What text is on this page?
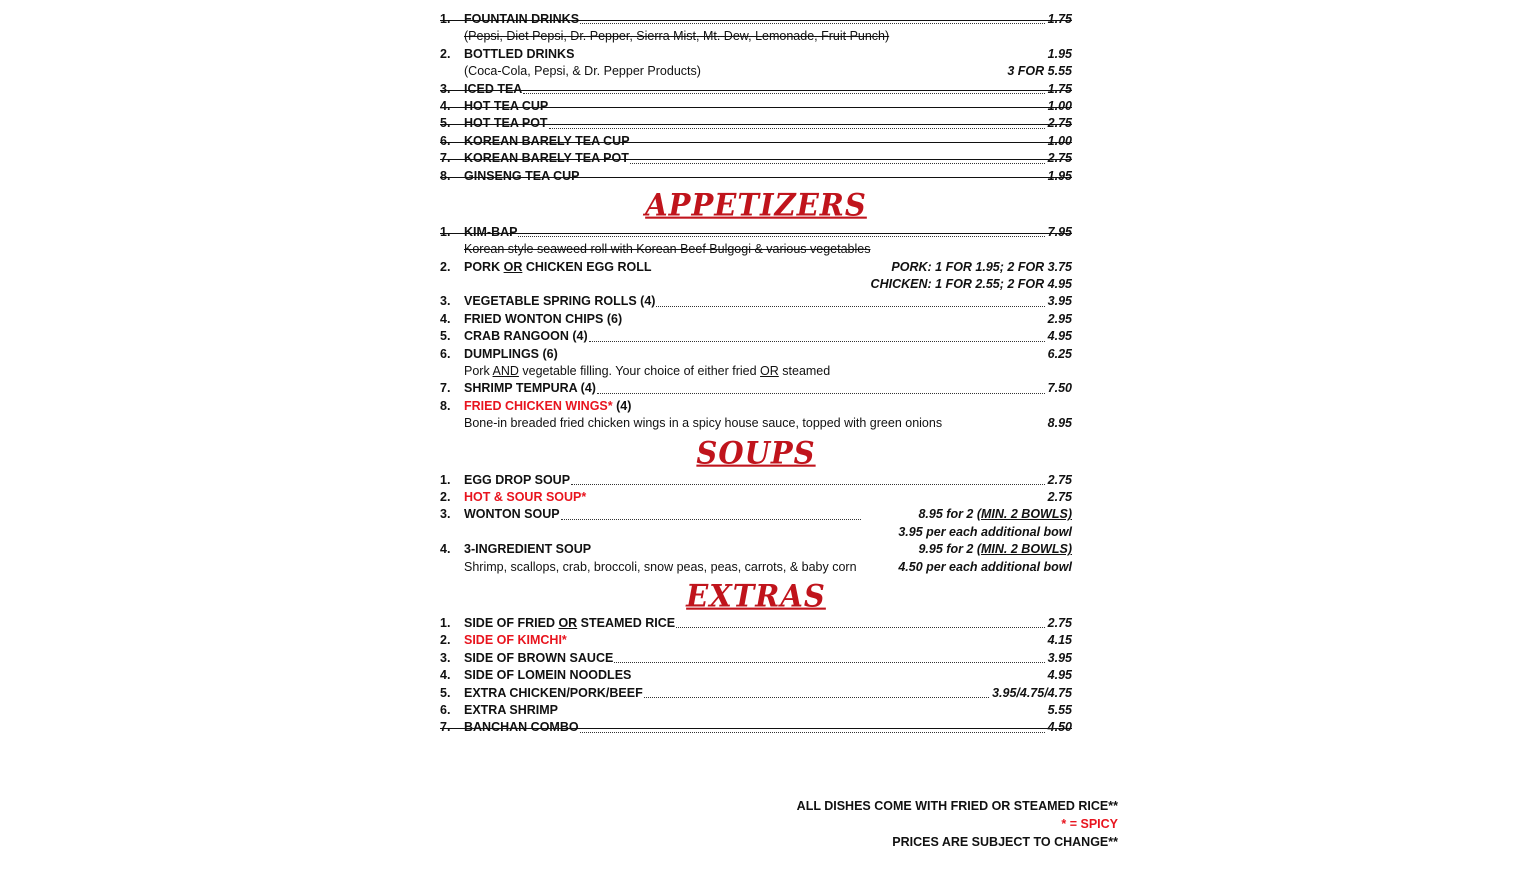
1.	FOUNTAIN DRINKS	1.75
(Pepsi, Diet Pepsi, Dr. Pepper, Sierra Mist, Mt. Dew, Lemonade, Fruit Punch)
2.	BOTTLED DRINKS	1.95
(Coca-Cola, Pepsi, & Dr. Pepper Products)	3 FOR 5.55
3.	ICED TEA	1.75
4.	HOT TEA CUP	1.00
5.	HOT TEA POT	2.75
6.	KOREAN BARELY TEA CUP	1.00
7.	KOREAN BARELY TEA POT	2.75
8.	GINSENG TEA CUP	1.95
APPETIZERS
1.	KIM-BAP	7.95
Korean style seaweed roll with Korean Beef Bulgogi & various vegetables
2.	PORK OR CHICKEN EGG ROLL	PORK: 1 FOR 1.95; 2 FOR 3.75
CHICKEN: 1 FOR 2.55; 2 FOR 4.95
3.	VEGETABLE SPRING ROLLS (4)	3.95
4.	FRIED WONTON CHIPS (6)	2.95
5.	CRAB RANGOON (4)	4.95
6.	DUMPLINGS (6)	6.25
Pork AND vegetable filling. Your choice of either fried OR steamed
7.	SHRIMP TEMPURA (4)	7.50
8.	FRIED CHICKEN WINGS* (4)
Bone-in breaded fried chicken wings in a spicy house sauce, topped with green onions	8.95
SOUPS
1.	EGG DROP SOUP	2.75
2.	HOT & SOUR SOUP*	2.75
3.	WONTON SOUP	8.95 for 2 (MIN. 2 BOWLS)
3.95 per each additional bowl
4.	3-INGREDIENT SOUP	9.95 for 2 (MIN. 2 BOWLS)
Shrimp, scallops, crab, broccoli, snow peas, peas, carrots, & baby corn	4.50 per each additional bowl
EXTRAS
1.	SIDE OF FRIED OR STEAMED RICE	2.75
2.	SIDE OF KIMCHI*	4.15
3.	SIDE OF BROWN SAUCE	3.95
4.	SIDE OF LOMEIN NOODLES	4.95
5.	EXTRA CHICKEN/PORK/BEEF	3.95/4.75/4.75
6.	EXTRA SHRIMP	5.55
7.	BANCHAN COMBO	4.50
ALL DISHES COME WITH FRIED OR STEAMED RICE**
* = SPICY
PRICES ARE SUBJECT TO CHANGE**
